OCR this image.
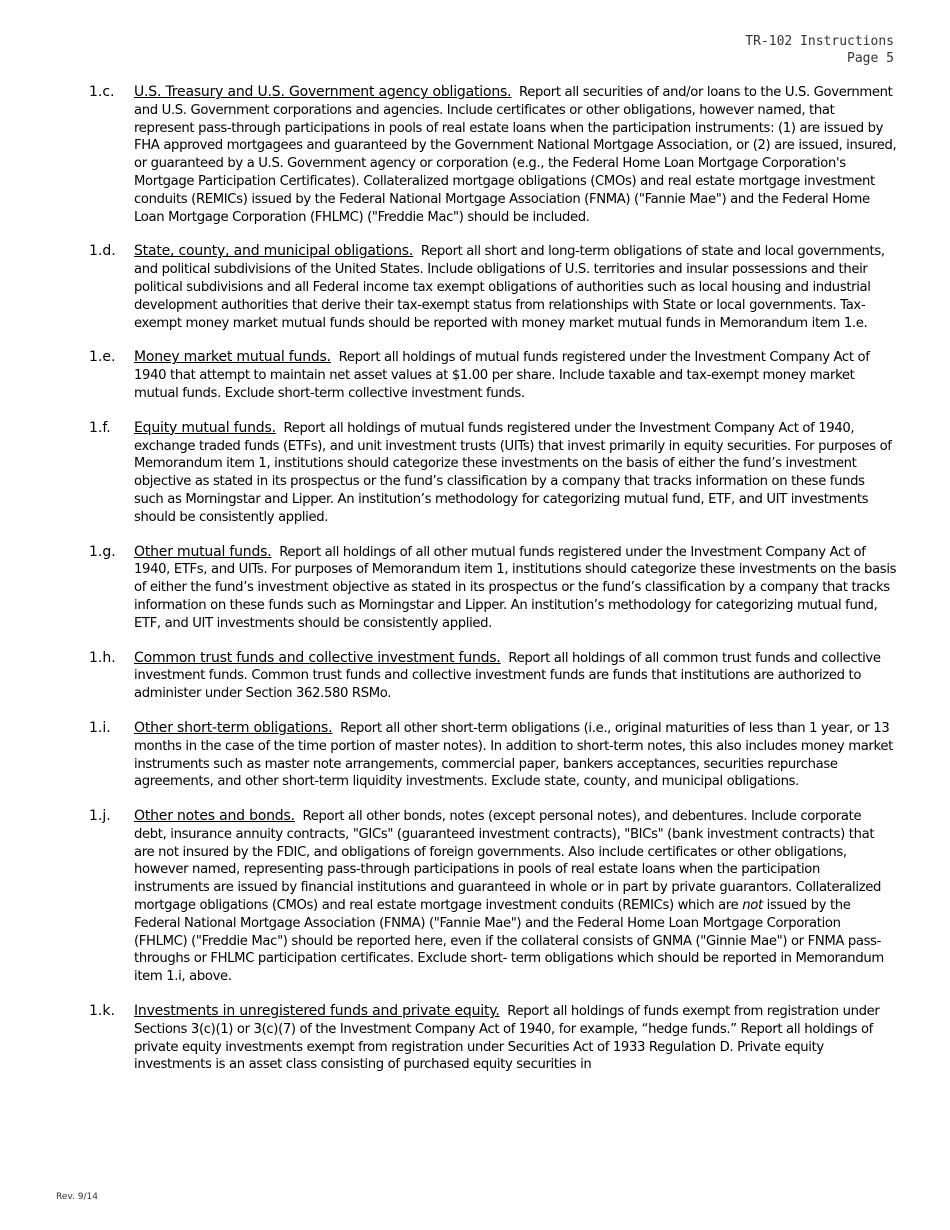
TR-102 Instructions
Page 5
1.c.	U.S. Treasury and U.S. Government agency obligations. Report all securities of and/or loans to the U.S. Government and U.S. Government corporations and agencies. Include certificates or other obligations, however named, that represent pass-through participations in pools of real estate loans when the participation instruments: (1) are issued by FHA approved mortgagees and guaranteed by the Government National Mortgage Association, or (2) are issued, insured, or guaranteed by a U.S. Government agency or corporation (e.g., the Federal Home Loan Mortgage Corporation's Mortgage Participation Certificates). Collateralized mortgage obligations (CMOs) and real estate mortgage investment conduits (REMICs) issued by the Federal National Mortgage Association (FNMA) ("Fannie Mae") and the Federal Home Loan Mortgage Corporation (FHLMC) ("Freddie Mac") should be included.
1.d.	State, county, and municipal obligations. Report all short and long-term obligations of state and local governments, and political subdivisions of the United States. Include obligations of U.S. territories and insular possessions and their political subdivisions and all Federal income tax exempt obligations of authorities such as local housing and industrial development authorities that derive their tax-exempt status from relationships with State or local governments. Tax-exempt money market mutual funds should be reported with money market mutual funds in Memorandum item 1.e.
1.e.	Money market mutual funds. Report all holdings of mutual funds registered under the Investment Company Act of 1940 that attempt to maintain net asset values at $1.00 per share. Include taxable and tax-exempt money market mutual funds. Exclude short-term collective investment funds.
1.f.	Equity mutual funds. Report all holdings of mutual funds registered under the Investment Company Act of 1940, exchange traded funds (ETFs), and unit investment trusts (UITs) that invest primarily in equity securities. For purposes of Memorandum item 1, institutions should categorize these investments on the basis of either the fund’s investment objective as stated in its prospectus or the fund’s classification by a company that tracks information on these funds such as Morningstar and Lipper. An institution’s methodology for categorizing mutual fund, ETF, and UIT investments should be consistently applied.
1.g.	Other mutual funds. Report all holdings of all other mutual funds registered under the Investment Company Act of 1940, ETFs, and UITs. For purposes of Memorandum item 1, institutions should categorize these investments on the basis of either the fund’s investment objective as stated in its prospectus or the fund’s classification by a company that tracks information on these funds such as Morningstar and Lipper. An institution’s methodology for categorizing mutual fund, ETF, and UIT investments should be consistently applied.
1.h.	Common trust funds and collective investment funds. Report all holdings of all common trust funds and collective investment funds. Common trust funds and collective investment funds are funds that institutions are authorized to administer under Section 362.580 RSMo.
1.i.	Other short-term obligations. Report all other short-term obligations (i.e., original maturities of less than 1 year, or 13 months in the case of the time portion of master notes). In addition to short-term notes, this also includes money market instruments such as master note arrangements, commercial paper, bankers acceptances, securities repurchase agreements, and other short-term liquidity investments. Exclude state, county, and municipal obligations.
1.j.	Other notes and bonds. Report all other bonds, notes (except personal notes), and debentures. Include corporate debt, insurance annuity contracts, "GICs" (guaranteed investment contracts), "BICs" (bank investment contracts) that are not insured by the FDIC, and obligations of foreign governments. Also include certificates or other obligations, however named, representing pass-through participations in pools of real estate loans when the participation instruments are issued by financial institutions and guaranteed in whole or in part by private guarantors. Collateralized mortgage obligations (CMOs) and real estate mortgage investment conduits (REMICs) which are not issued by the Federal National Mortgage Association (FNMA) ("Fannie Mae") and the Federal Home Loan Mortgage Corporation (FHLMC) ("Freddie Mac") should be reported here, even if the collateral consists of GNMA ("Ginnie Mae") or FNMA pass-throughs or FHLMC participation certificates. Exclude short- term obligations which should be reported in Memorandum item 1.i, above.
1.k.	Investments in unregistered funds and private equity. Report all holdings of funds exempt from registration under Sections 3(c)(1) or 3(c)(7) of the Investment Company Act of 1940, for example, “hedge funds.” Report all holdings of private equity investments exempt from registration under Securities Act of 1933 Regulation D. Private equity investments is an asset class consisting of purchased equity securities in
Rev. 9/14
